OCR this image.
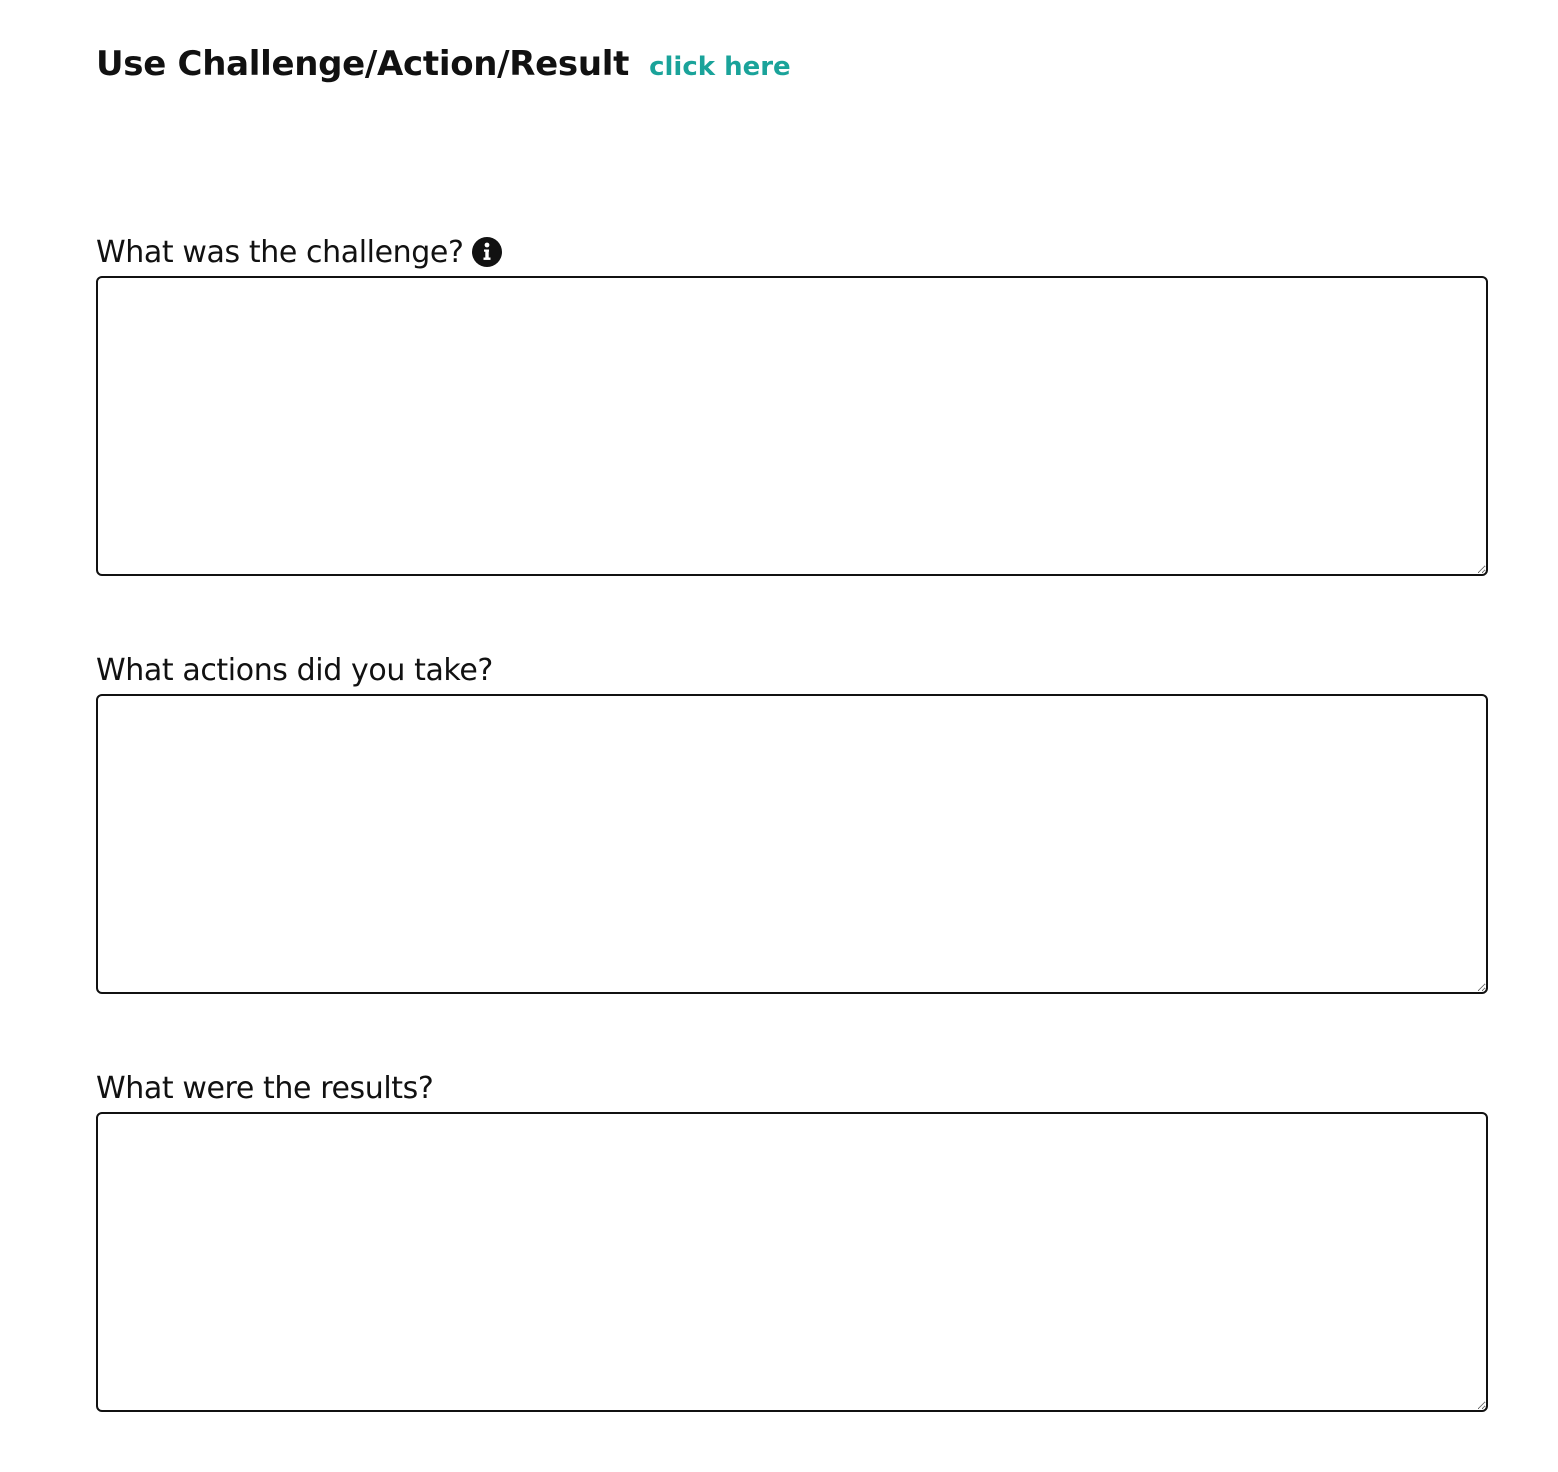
Use Challenge/Action/Result click here
What was the challenge?
What actions did you take?
What were the results?
